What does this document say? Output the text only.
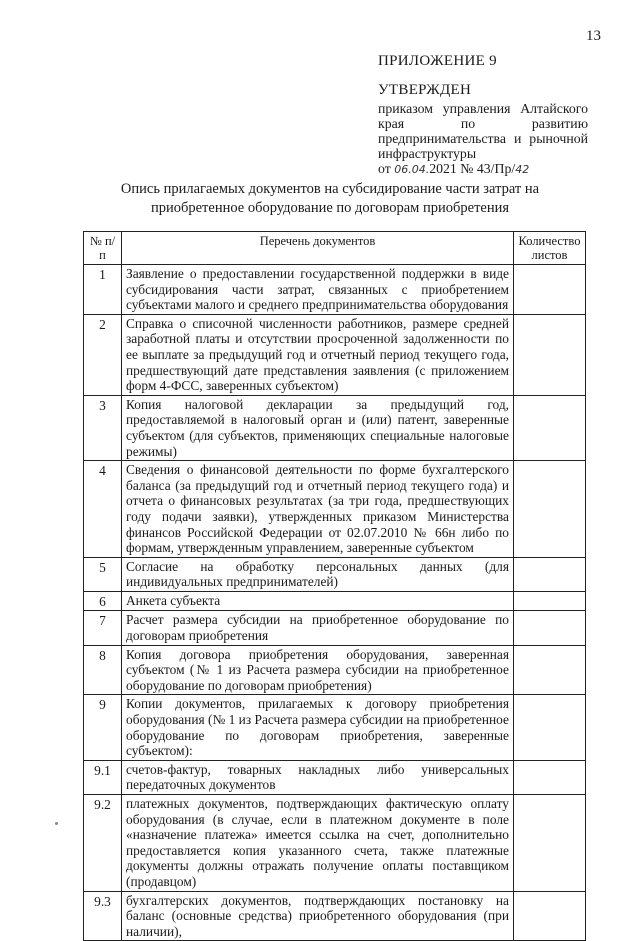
13
ПРИЛОЖЕНИЕ 9
УТВЕРЖДЕН
приказом управления Алтайского края по развитию предпринимательства и рыночной инфраструктуры
от 06.04.2021 № 43/Пр/42
Опись прилагаемых документов на субсидирование части затрат на приобретенное оборудование по договорам приобретения
№ п/п	Перечень документов	Количество листов
1	Заявление о предоставлении государственной поддержки в виде субсидирования части затрат, связанных с приобретением субъектами малого и среднего предпринимательства оборудования	
2	Справка о списочной численности работников, размере средней заработной платы и отсутствии просроченной задолженности по ее выплате за предыдущий год и отчетный период текущего года, предшествующий дате представления заявления (с приложением форм 4-ФСС, заверенных субъектом)	
3	Копия налоговой декларации за предыдущий год, предоставляемой в налоговый орган и (или) патент, заверенные субъектом (для субъектов, применяющих специальные налоговые режимы)	
4	Сведения о финансовой деятельности по форме бухгалтерского баланса (за предыдущий год и отчетный период текущего года) и отчета о финансовых результатах (за три года, предшествующих году подачи заявки), утвержденных приказом Министерства финансов Российской Федерации от 02.07.2010 № 66н либо по формам, утвержденным управлением, заверенные субъектом	
5	Согласие на обработку персональных данных (для индивидуальных предпринимателей)	
6	Анкета субъекта	
7	Расчет размера субсидии на приобретенное оборудование по договорам приобретения	
8	Копия договора приобретения оборудования, заверенная субъектом (№ 1 из Расчета размера субсидии на приобретенное оборудование по договорам приобретения)	
9	Копии документов, прилагаемых к договору приобретения оборудования (№ 1 из Расчета размера субсидии на приобретенное оборудование по договорам приобретения, заверенные субъектом):	
9.1	счетов-фактур, товарных накладных либо универсальных передаточных документов	
9.2	платежных документов, подтверждающих фактическую оплату оборудования (в случае, если в платежном документе в поле «назначение платежа» имеется ссылка на счет, дополнительно предоставляется копия указанного счета, также платежные документы должны отражать получение оплаты поставщиком (продавцом)	
9.3	бухгалтерских документов, подтверждающих постановку на баланс (основные средства) приобретенного оборудования (при наличии),	
